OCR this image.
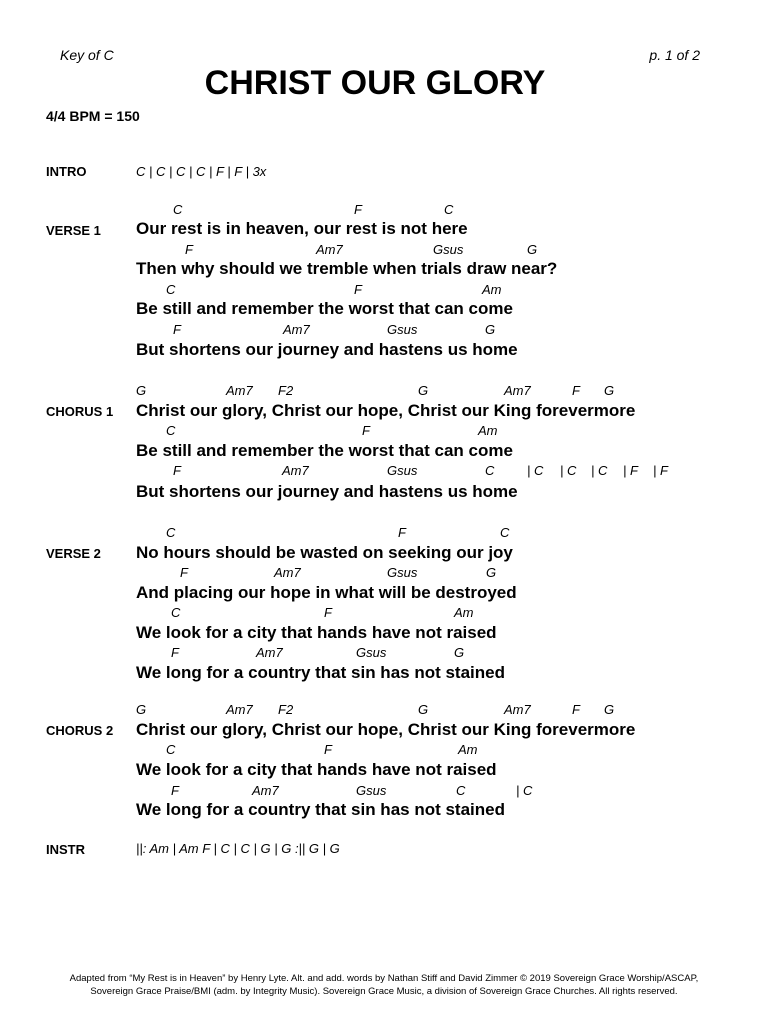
Key of C	p. 1 of 2
CHRIST OUR GLORY
4/4 BPM = 150
INTRO	C | C | C | C | F | F | 3x
VERSE 1
C	F	C
Our rest is in heaven, our rest is not here
F	Am7	Gsus	G
Then why should we tremble when trials draw near?
C	F	Am
Be still and remember the worst that can come
F	Am7	Gsus	G
But shortens our journey and hastens us home
CHORUS 1
G	Am7 F2	G	Am7	F G
Christ our glory, Christ our hope, Christ our King forevermore
C	F	Am
Be still and remember the worst that can come
F	Am7	Gsus	C	| C | C | C | F | F
But shortens our journey and hastens us home
VERSE 2
C	F	C
No hours should be wasted on seeking our joy
F	Am7	Gsus	G
And placing our hope in what will be destroyed
C	F	Am
We look for a city that hands have not raised
F	Am7	Gsus	G
We long for a country that sin has not stained
CHORUS 2
G	Am7 F2	G	Am7	F G
Christ our glory, Christ our hope, Christ our King forevermore
C	F	Am
We look for a city that hands have not raised
F	Am7	Gsus	C	| C
We long for a country that sin has not stained
INSTR	||: Am | Am F | C | C | G | G :|| G | G
Adapted from “My Rest is in Heaven” by Henry Lyte. Alt. and add. words by Nathan Stiff and David Zimmer © 2019 Sovereign Grace Worship/ASCAP,
Sovereign Grace Praise/BMI (adm. by Integrity Music). Sovereign Grace Music, a division of Sovereign Grace Churches. All rights reserved.
